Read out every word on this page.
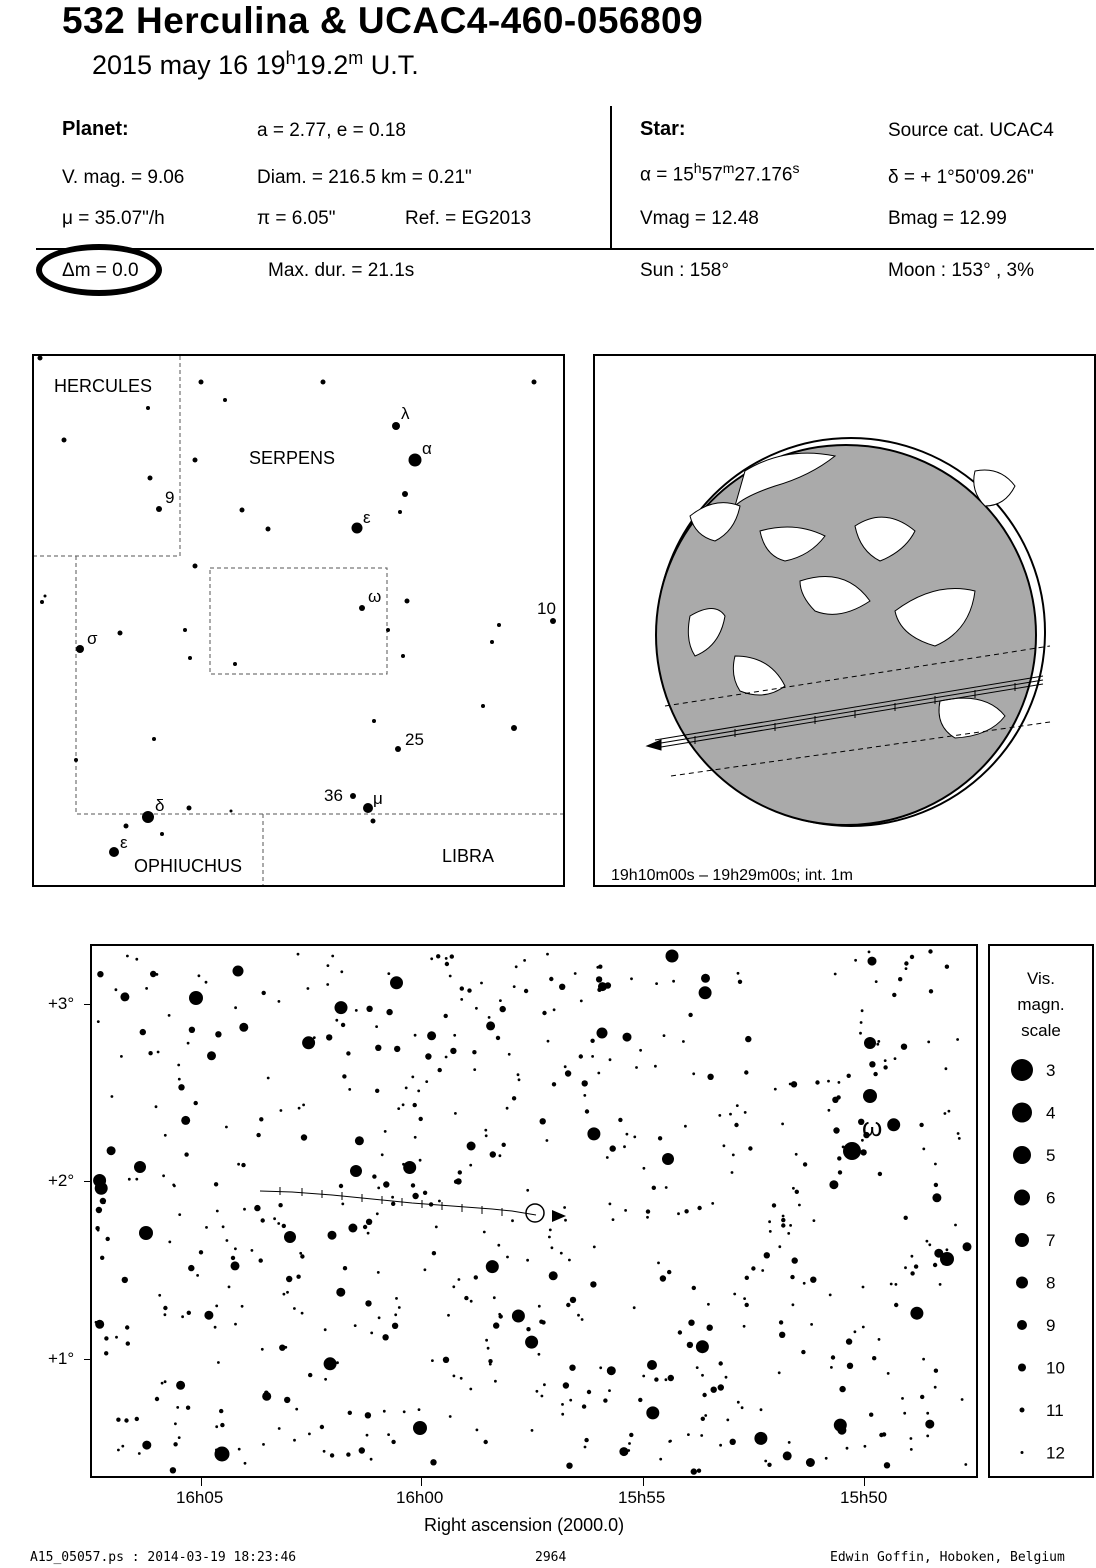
532 Herculina & UCAC4-460-056809
2015 may 16 19$^h$19.2$^m$ U.T.
Planet:	a = 2.77, e = 0.18
V. mag. = 9.06	Diam. = 216.5 km = 0.21"
μ = 35.07"/h	π = 6.05"	Ref. = EG2013
Star:	Source cat. UCAC4
$\alpha = 15^h57^m27.176^s$	δ = + 1°50'09.26"
Vmag = 12.48	Bmag = 12.99
Δm = 0.0	Max. dur. = 21.1s	Sun : 158°	Moon : 153° , 3%
HERCULES
SERPENS
OPHIUCHUS	LIBRA
λ
α
ε
9
ω
10
σ
25
36 μ
δ
ε
19h10m00s – 19h29m00s; int. 1m
ω
+3°
+2°
+1°
16h05	16h00	15h55	15h50
Right ascension (2000.0)
Vis.
magn.
scale
3
4
5
6
7
8
9
10
11
12
A15_05057.ps : 2014-03-19 18:23:46	2964	Edwin Goffin, Hoboken, Belgium
